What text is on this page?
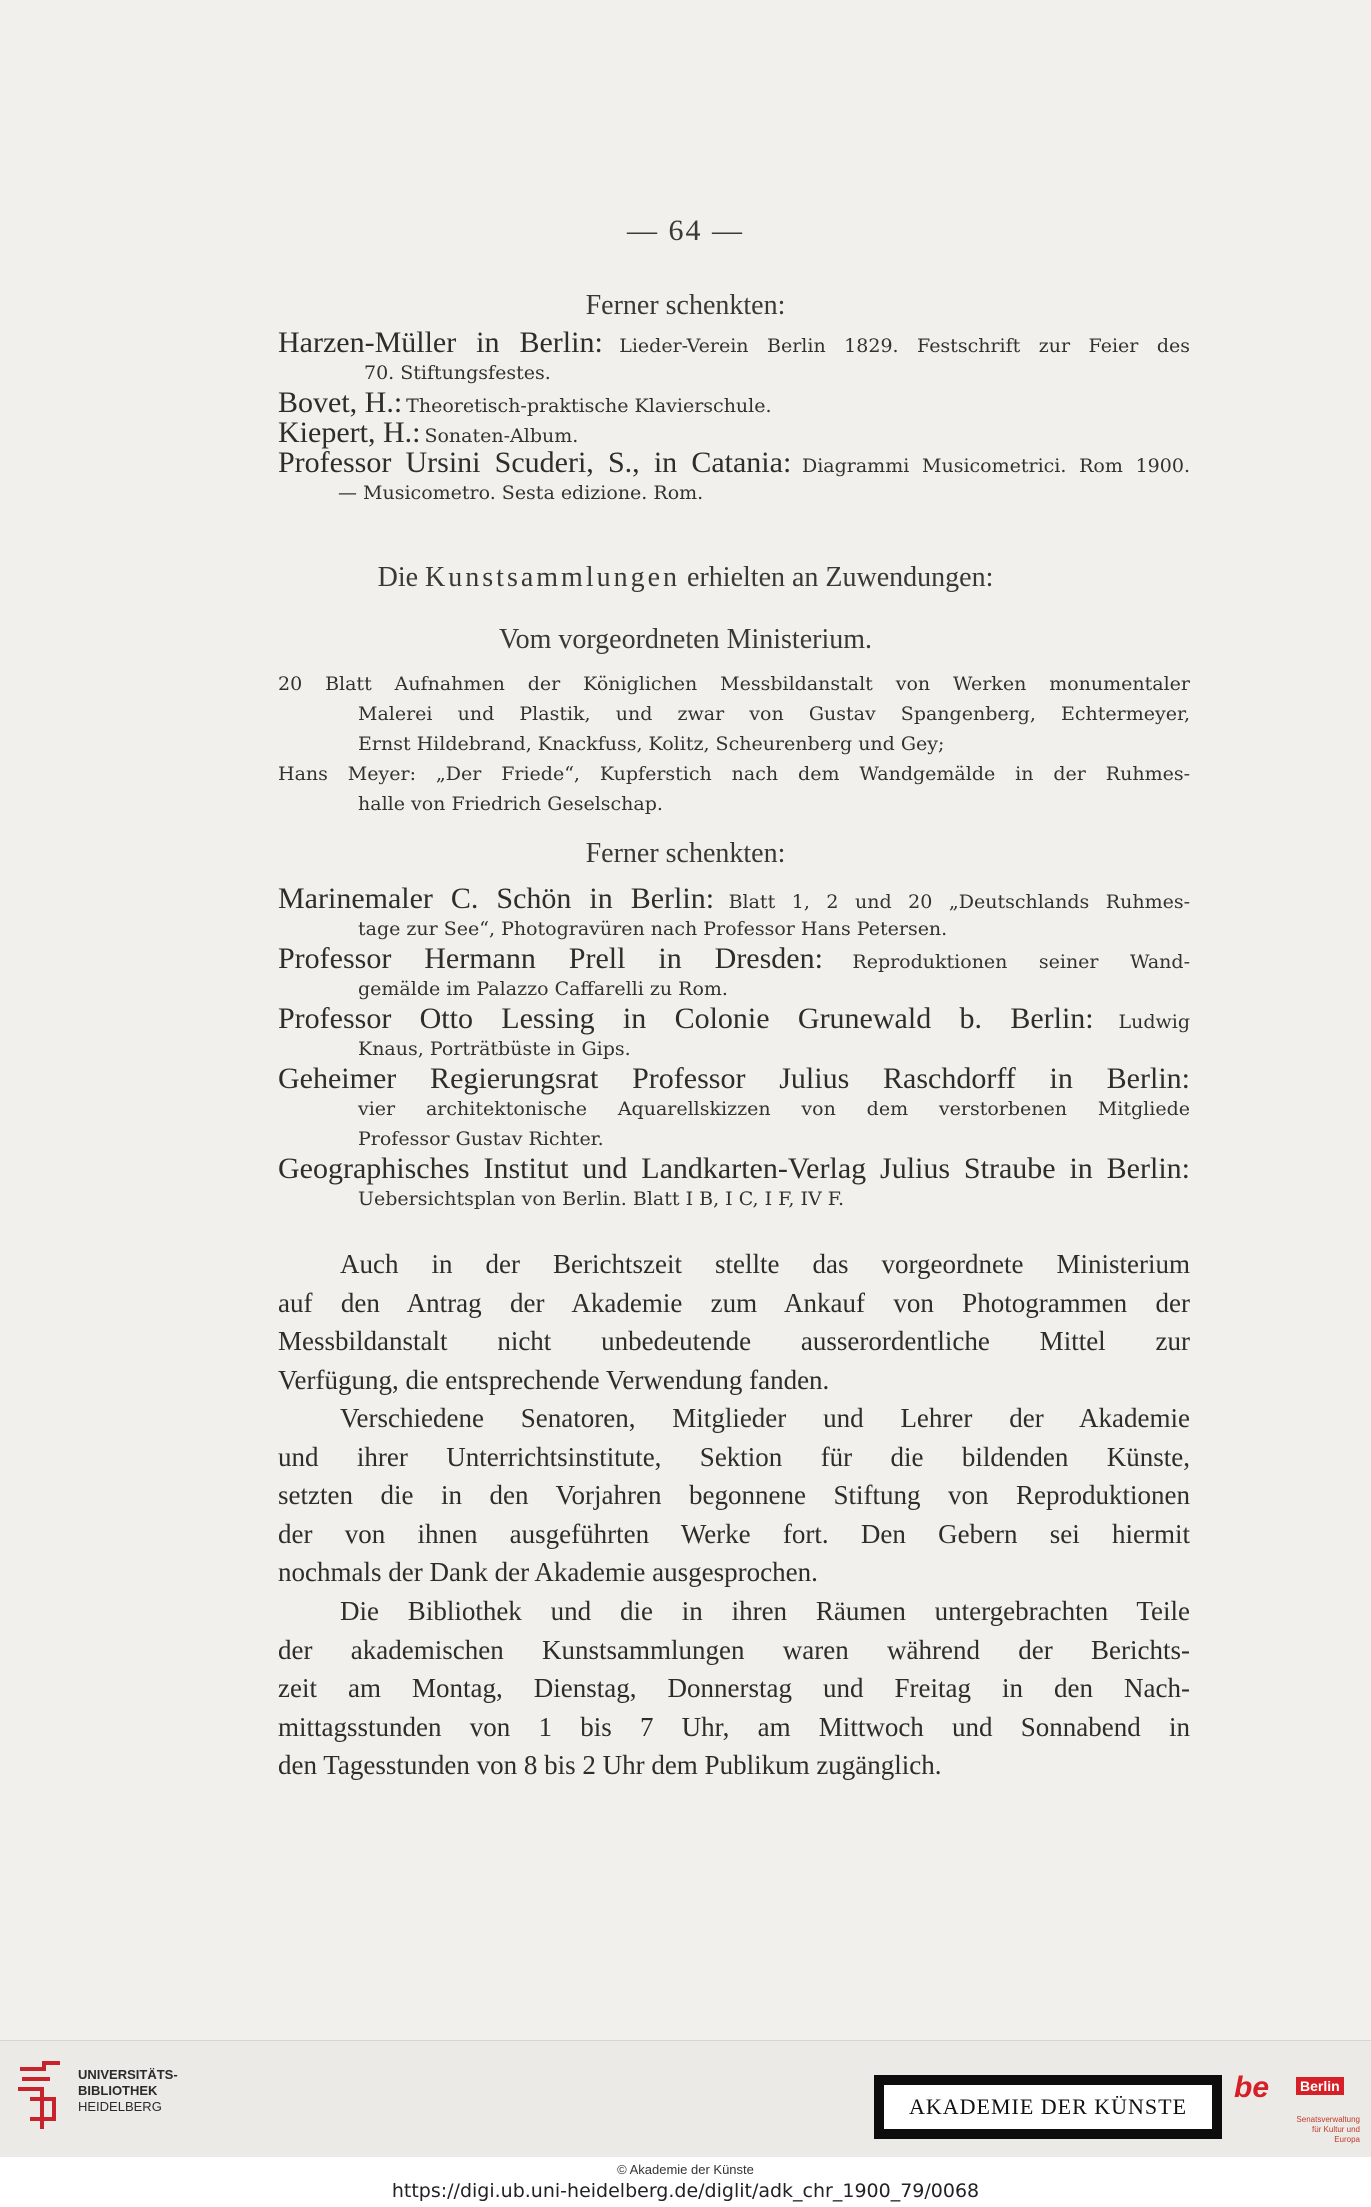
— 64 —
Ferner schenkten:
Harzen-Müller in Berlin: Lieder-Verein Berlin 1829. Festschrift zur Feier des
70. Stiftungsfestes.
Bovet, H.: Theoretisch-praktische Klavierschule.
Kiepert, H.: Sonaten-Album.
Professor Ursini Scuderi, S., in Catania: Diagrammi Musicometrici. Rom 1900.
— Musicometro. Sesta edizione. Rom.
Die Kunstsammlungen erhielten an Zuwendungen:
Vom vorgeordneten Ministerium.
20 Blatt Aufnahmen der Königlichen Messbildanstalt von Werken monumentaler
Malerei und Plastik, und zwar von Gustav Spangenberg, Echtermeyer,
Ernst Hildebrand, Knackfuss, Kolitz, Scheurenberg und Gey;
Hans Meyer: „Der Friede“, Kupferstich nach dem Wandgemälde in der Ruhmes-
halle von Friedrich Geselschap.
Ferner schenkten:
Marinemaler C. Schön in Berlin: Blatt 1, 2 und 20 „Deutschlands Ruhmes-
tage zur See“, Photogravüren nach Professor Hans Petersen.
Professor Hermann Prell in Dresden: Reproduktionen seiner Wand-
gemälde im Palazzo Caffarelli zu Rom.
Professor Otto Lessing in Colonie Grunewald b. Berlin: Ludwig
Knaus, Porträtbüste in Gips.
Geheimer Regierungsrat Professor Julius Raschdorff in Berlin:
vier architektonische Aquarellskizzen von dem verstorbenen Mitgliede
Professor Gustav Richter.
Geographisches Institut und Landkarten-Verlag Julius Straube in Berlin:
Uebersichtsplan von Berlin. Blatt I B, I C, I F, IV F.
Auch in der Berichtszeit stellte das vorgeordnete Ministerium
auf den Antrag der Akademie zum Ankauf von Photogrammen der
Messbildanstalt nicht unbedeutende ausserordentliche Mittel zur
Verfügung, die entsprechende Verwendung fanden.
Verschiedene Senatoren, Mitglieder und Lehrer der Akademie
und ihrer Unterrichtsinstitute, Sektion für die bildenden Künste,
setzten die in den Vorjahren begonnene Stiftung von Reproduktionen
der von ihnen ausgeführten Werke fort. Den Gebern sei hiermit
nochmals der Dank der Akademie ausgesprochen.
Die Bibliothek und die in ihren Räumen untergebrachten Teile
der akademischen Kunstsammlungen waren während der Berichts-
zeit am Montag, Dienstag, Donnerstag und Freitag in den Nach-
mittagsstunden von 1 bis 7 Uhr, am Mittwoch und Sonnabend in
den Tagesstunden von 8 bis 2 Uhr dem Publikum zugänglich.
UNIVERSITÄTS-
BIBLIOTHEK
HEIDELBERG	AKADEMIE DER KÜNSTE
be Berlin
Senatsverwaltung für Kultur und Europa
© Akademie der Künste
https://digi.ub.uni-heidelberg.de/diglit/adk_chr_1900_79/0068
